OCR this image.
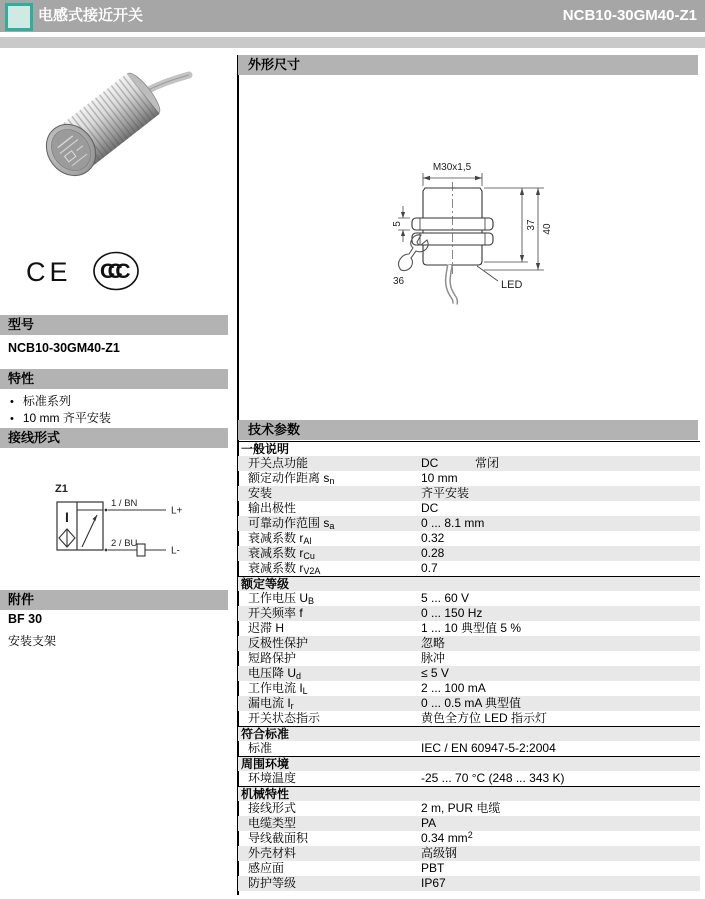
电感式接近开关	NCB10-30GM40-Z1
CE CCC
型号
NCB10-30GM40-Z1
特性
• 标准系列
• 10 mm 齐平安装
接线形式
Z1
I
1 / BN
L+
2 / BU
L-
附件
BF 30
安装支架
外形尺寸
M30x1,5
37 40
5
36	LED
技术参数
一般说明
开关点功能	DC	常闭
额定动作距离 $s_n$	10 mm
安装	齐平安装
输出极性	DC
可靠动作范围 $s_a$	0 ... 8.1 mm
衰减系数 $r_{Al}$	0.32
衰减系数 $r_{Cu}$	0.28
衰减系数 $r_{V2A}$	0.7
额定等级
工作电压 $U_B$	5 ... 60 V
开关频率 f	0 ... 150 Hz
迟滞 H	1 ... 10 典型值 5 %
反极性保护	忽略
短路保护	脉冲
电压降 $U_d$	≤ 5 V
工作电流 $I_L$	2 ... 100 mA
漏电流 $I_r$	0 ... 0.5 mA 典型值
开关状态指示	黄色全方位 LED 指示灯
符合标准
标准	IEC / EN 60947-5-2:2004
周围环境
环境温度	-25 ... 70 °C (248 ... 343 K)
机械特性
接线形式	2 m, PUR 电缆
电缆类型	PA
导线截面积	0.34 $mm^2$
外壳材料	高级钢
感应面	PBT
防护等级	IP67
